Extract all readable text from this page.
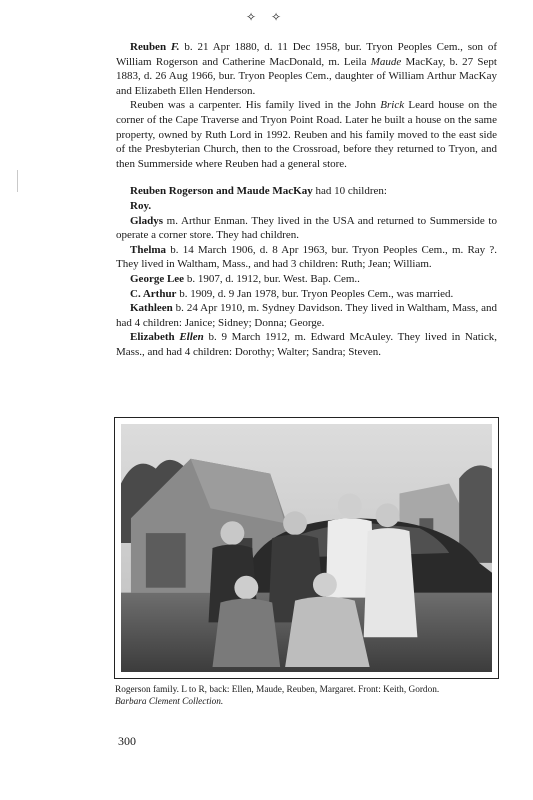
✧ ✧

Reuben F. b. 21 Apr 1880, d. 11 Dec 1958, bur. Tryon Peoples Cem., son of William Rogerson and Catherine MacDonald, m. Leila Maude MacKay, b. 27 Sept 1883, d. 26 Aug 1966, bur. Tryon Peoples Cem., daughter of William Arthur MacKay and Elizabeth Ellen Henderson.

Reuben was a carpenter. His family lived in the John Brick Leard house on the corner of the Cape Traverse and Tryon Point Road. Later he built a house on the same property, owned by Ruth Lord in 1992. Reuben and his family moved to the east side of the Presbyterian Church, then to the Crossroad, before they returned to Tryon, and then Summerside where Reuben had a general store.

Reuben Rogerson and Maude MacKay had 10 children:

Roy.

Gladys m. Arthur Enman. They lived in the USA and returned to Summerside to operate a corner store. They had children.

Thelma b. 14 March 1906, d. 8 Apr 1963, bur. Tryon Peoples Cem., m. Ray ?. They lived in Waltham, Mass., and had 3 children: Ruth; Jean; William.

George Lee b. 1907, d. 1912, bur. West. Bap. Cem..

C. Arthur b. 1909, d. 9 Jan 1978, bur. Tryon Peoples Cem., was married.

Kathleen b. 24 Apr 1910, m. Sydney Davidson. They lived in Waltham, Mass, and had 4 children: Janice; Sidney; Donna; George.

Elizabeth Ellen b. 9 March 1912, m. Edward McAuley. They lived in Natick, Mass., and had 4 children: Dorothy; Walter; Sandra; Steven.

Rogerson family. L to R, back: Ellen, Maude, Reuben, Margaret. Front: Keith, Gordon.
Barbara Clement Collection.
300
